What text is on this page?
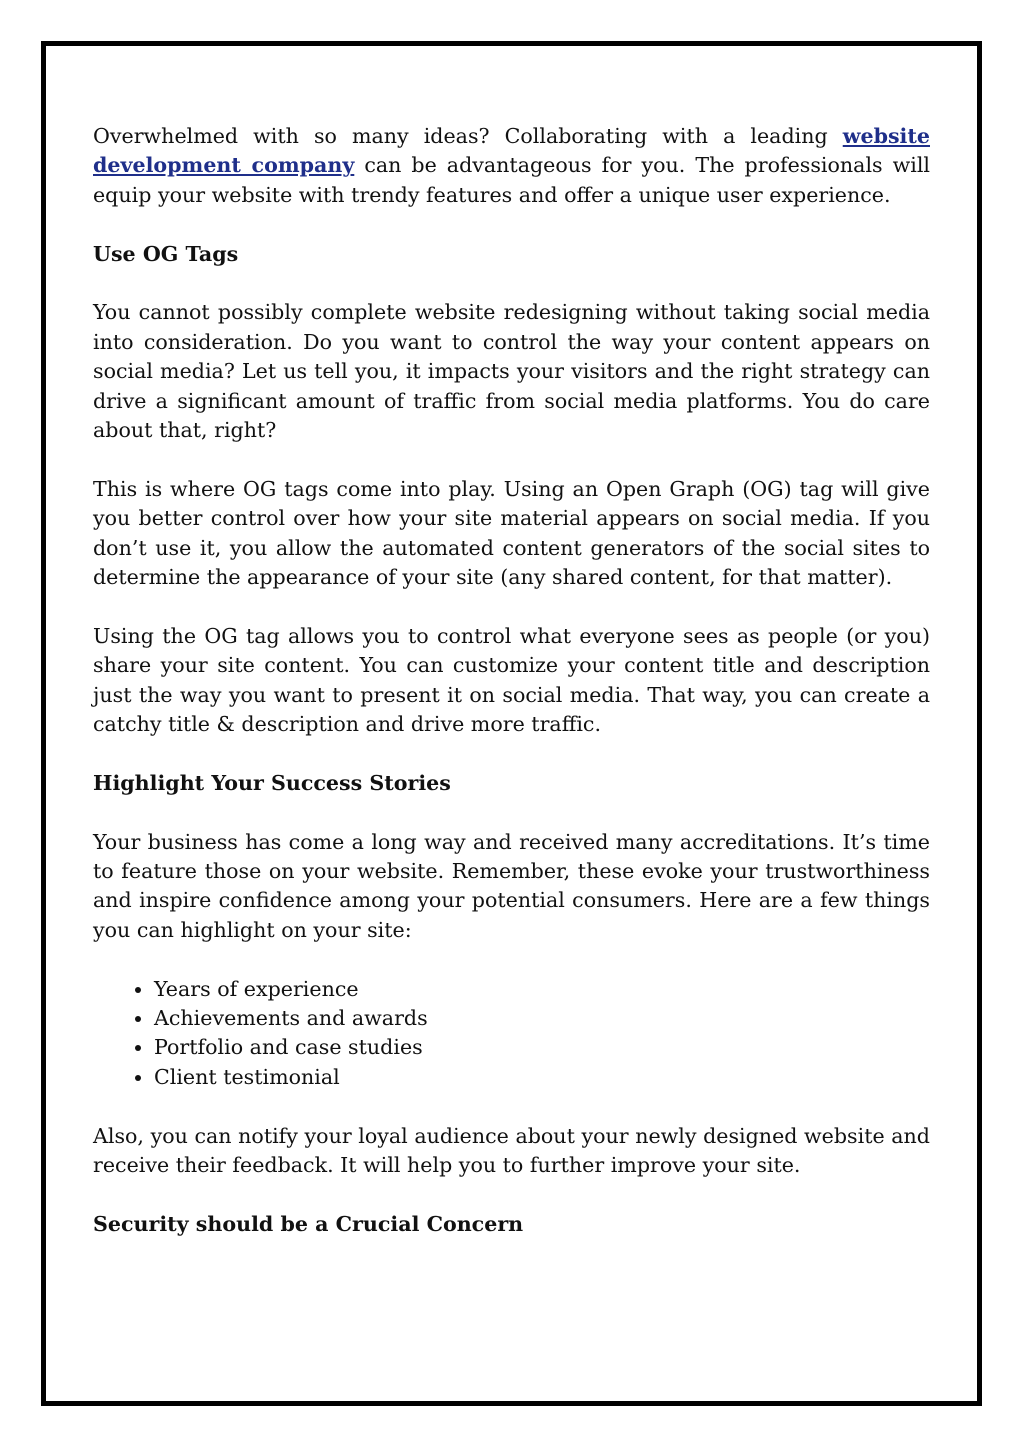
Overwhelmed with so many ideas? Collaborating with a leading website development company can be advantageous for you. The professionals will equip your website with trendy features and offer a unique user experience.

Use OG Tags

You cannot possibly complete website redesigning without taking social media into consideration. Do you want to control the way your content appears on social media? Let us tell you, it impacts your visitors and the right strategy can drive a significant amount of traffic from social media platforms. You do care about that, right?

This is where OG tags come into play. Using an Open Graph (OG) tag will give you better control over how your site material appears on social media. If you don’t use it, you allow the automated content generators of the social sites to determine the appearance of your site (any shared content, for that matter).

Using the OG tag allows you to control what everyone sees as people (or you) share your site content. You can customize your content title and description just the way you want to present it on social media. That way, you can create a catchy title & description and drive more traffic.

Highlight Your Success Stories

Your business has come a long way and received many accreditations. It’s time to feature those on your website. Remember, these evoke your trustworthiness and inspire confidence among your potential consumers. Here are a few things you can highlight on your site:

• Years of experience
• Achievements and awards
• Portfolio and case studies
• Client testimonial

Also, you can notify your loyal audience about your newly designed website and receive their feedback. It will help you to further improve your site.

Security should be a Crucial Concern
